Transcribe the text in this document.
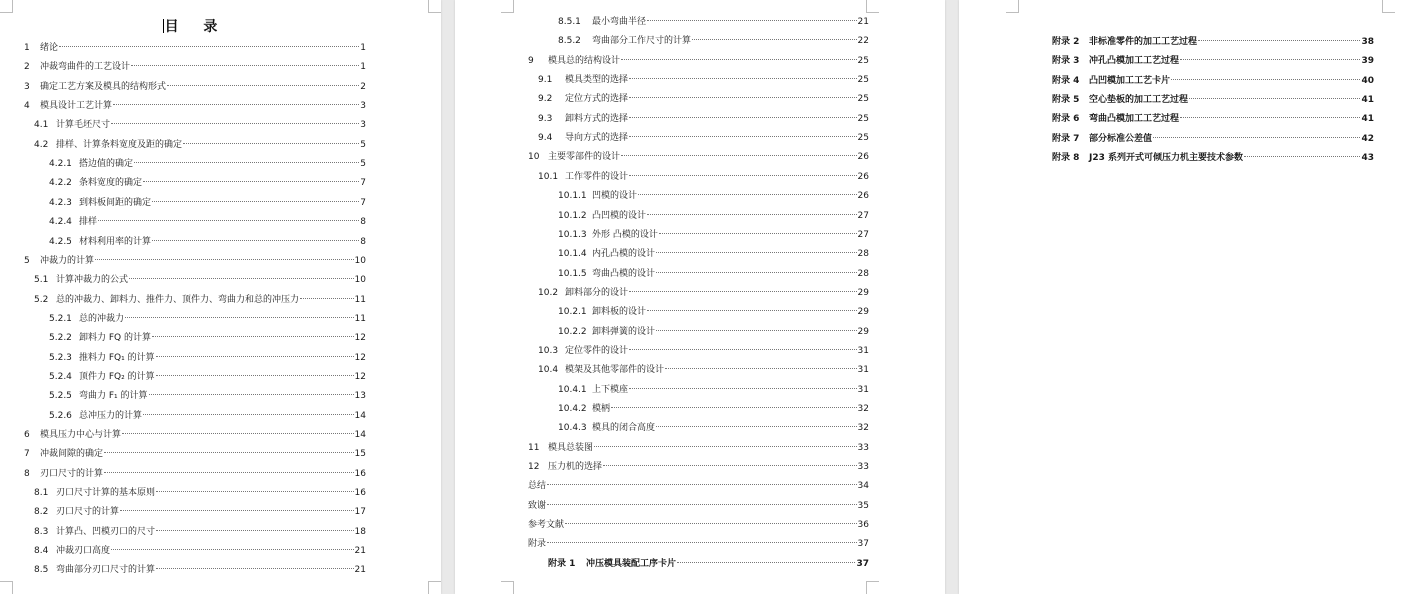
目 录
1	绪论	1
2	冲裁弯曲件的工艺设计	1
3	确定工艺方案及模具的结构形式	2
4	模具设计工艺计算	3
4.1 计算毛坯尺寸	3
4.2 排样、计算条料宽度及距的确定	5
4.2.1 搭边值的确定	5
4.2.2 条料宽度的确定	7
4.2.3 到料板间距的确定	7
4.2.4 排样	8
4.2.5 材料利用率的计算	8
5	冲裁力的计算	10
5.1 计算冲裁力的公式	10
5.2 总的冲裁力、卸料力、推件力、顶件力、弯曲力和总的冲压力	11
5.2.1 总的冲裁力	11
5.2.2 卸料力 FQ 的计算	12
5.2.3 推料力 FQ₁ 的计算	12
5.2.4 顶件力 FQ₂ 的计算	12
5.2.5 弯曲力 F₁ 的计算	13
5.2.6 总冲压力的计算	14
6	模具压力中心与计算	14
7	冲裁间隙的确定	15
8	刃口尺寸的计算	16
8.1 刃口尺寸计算的基本原则	16
8.2 刃口尺寸的计算	17
8.3 计算凸、凹模刃口的尺寸	18
8.4 冲裁刃口高度	21
8.5 弯曲部分刃口尺寸的计算	21
8.5.1	最小弯曲半径	21
8.5.2	弯曲部分工作尺寸的计算	22
9	模具总的结构设计	25
9.1	模具类型的选择	25
9.2	定位方式的选择	25
9.3	卸料方式的选择	25
9.4	导向方式的选择	25
10 主要零部件的设计	26
10.1 工作零件的设计	26
10.1.1 凹模的设计	26
10.1.2 凸凹模的设计	27
10.1.3 外形 凸模的设计	27
10.1.4 内孔凸模的设计	28
10.1.5 弯曲凸模的设计	28
10.2 卸料部分的设计	29
10.2.1 卸料板的设计	29
10.2.2 卸料弹簧的设计	29
10.3 定位零件的设计	31
10.4 模架及其他零部件的设计	31
10.4.1 上下模座	31
10.4.2 模柄	32
10.4.3 模具的闭合高度	32
11 模具总装图	33
12 压力机的选择	33
总结	34
致谢	35
参考文献	36
附录	37
附录 1	冲压模具装配工序卡片	37
附录 2	非标准零件的加工工艺过程	38
附录 3	冲孔凸模加工工艺过程	39
附录 4	凸凹模加工工艺卡片	40
附录 5	空心垫板的加工工艺过程	41
附录 6	弯曲凸模加工工艺过程	41
附录 7	部分标准公差值	42
附录 8	J23 系列开式可倾压力机主要技术参数	43
